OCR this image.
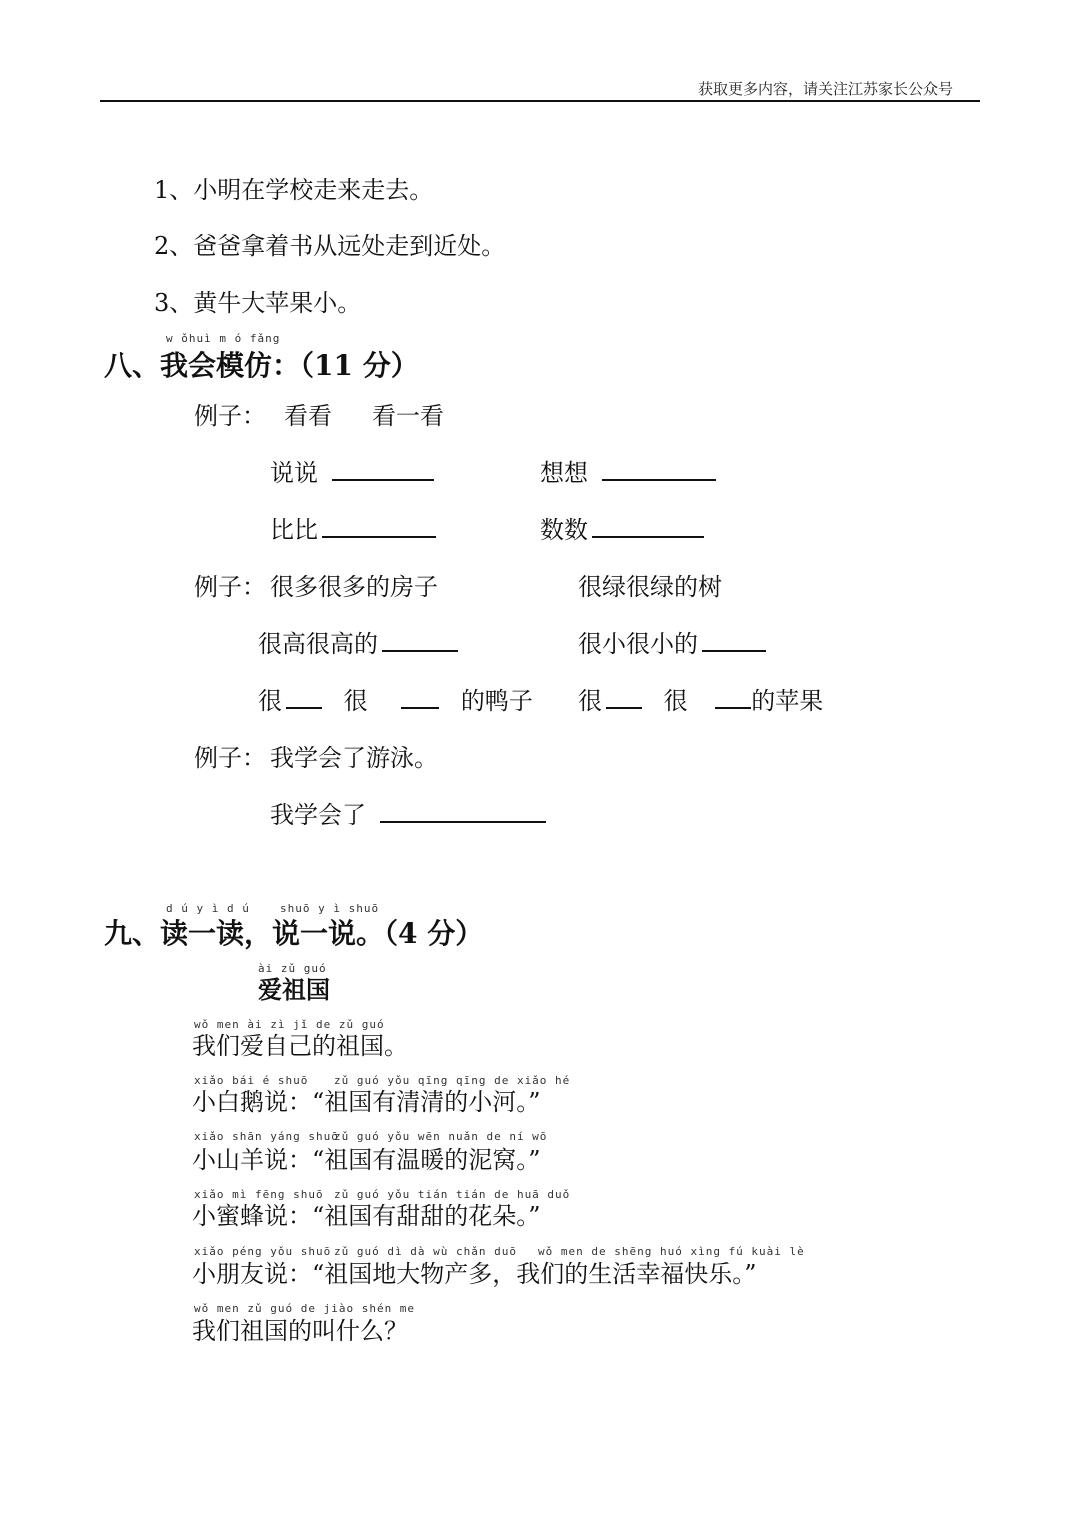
获取更多内容，请关注江苏家长公众号
1、小明在学校走来走去。
2、爸爸拿着书从远处走到近处。
3、黄牛大苹果小。
w ǒhuì m ó fǎng
八、我会模仿：（11 分）
例子： 看看 看一看
说说	想想
比比	数数
例子： 很多很多的房子	很绿很绿的树
很高很高的	很小很小的
很	很	的鸭子 很	很	的苹果
例子： 我学会了游泳。
我学会了
d ú y ì d ú	shuō y ì shuō
九、读一读，说一说。（4 分）
ài zǔ guó
爱祖国
wǒ men ài zì jǐ de zǔ guó
我们爱自己的祖国。
xiǎo bái é shuō zǔ guó yǒu qīng qīng de xiǎo hé
小白鹅说：“祖国有清清的小河。”
xiǎo shān yáng shuō
zǔ guó yǒu wēn nuǎn de ní wō
小山羊说：“祖国有温暖的泥窝。”
xiǎo mì fēng shuō zǔ guó yǒu tián tián de huā duǒ
小蜜蜂说：“祖国有甜甜的花朵。”
xiǎo péng yǒu shuō zǔ guó dì dà wù chǎn duō wǒ men de shēng huó xìng fú kuài lè
小朋友说：“祖国地大物产多，我们的生活幸福快乐。”
wǒ men zǔ guó de jiào shén me
我们祖国的叫什么？
